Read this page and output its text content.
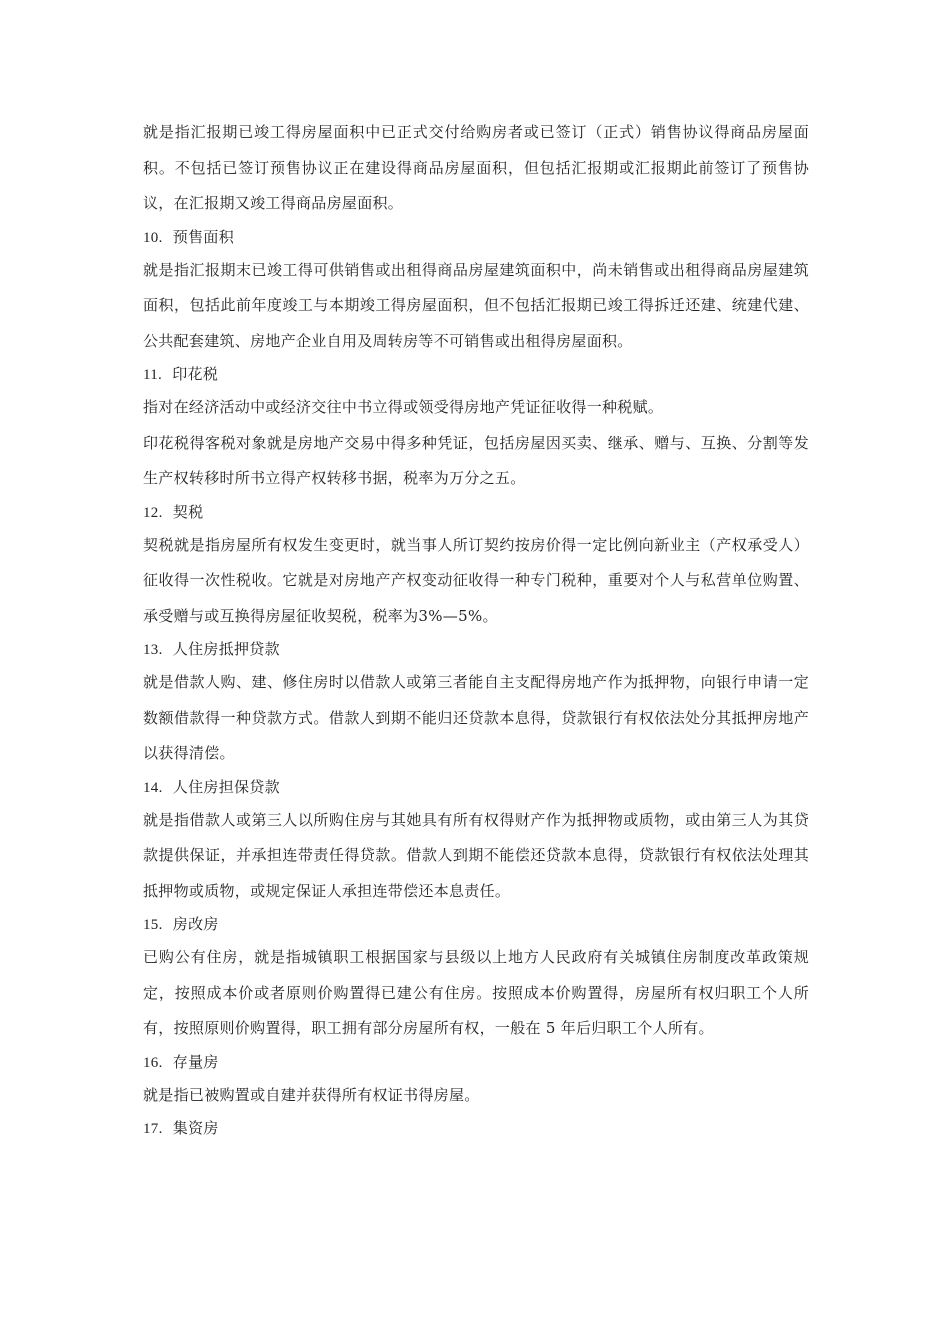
就是指汇报期已竣工得房屋面积中已正式交付给购房者或已签订（正式）销售协议得商品房屋面积。不包括已签订预售协议正在建设得商品房屋面积，但包括汇报期或汇报期此前签订了预售协议，在汇报期又竣工得商品房屋面积。

10. 预售面积

就是指汇报期末已竣工得可供销售或出租得商品房屋建筑面积中，尚未销售或出租得商品房屋建筑面积，包括此前年度竣工与本期竣工得房屋面积，但不包括汇报期已竣工得拆迁还建、统建代建、公共配套建筑、房地产企业自用及周转房等不可销售或出租得房屋面积。

11. 印花税

指对在经济活动中或经济交往中书立得或领受得房地产凭证征收得一种税赋。

印花税得客税对象就是房地产交易中得多种凭证，包括房屋因买卖、继承、赠与、互换、分割等发生产权转移时所书立得产权转移书据，税率为万分之五。

12. 契税

契税就是指房屋所有权发生变更时，就当事人所订契约按房价得一定比例向新业主（产权承受人）征收得一次性税收。它就是对房地产产权变动征收得一种专门税种，重要对个人与私营单位购置、承受赠与或互换得房屋征收契税，税率为3%—5%。

13. 人住房抵押贷款

就是借款人购、建、修住房时以借款人或第三者能自主支配得房地产作为抵押物，向银行申请一定数额借款得一种贷款方式。借款人到期不能归还贷款本息得，贷款银行有权依法处分其抵押房地产以获得清偿。

14. 人住房担保贷款

就是指借款人或第三人以所购住房与其她具有所有权得财产作为抵押物或质物，或由第三人为其贷款提供保证，并承担连带责任得贷款。借款人到期不能偿还贷款本息得，贷款银行有权依法处理其抵押物或质物，或规定保证人承担连带偿还本息责任。

15. 房改房

已购公有住房，就是指城镇职工根据国家与县级以上地方人民政府有关城镇住房制度改革政策规定，按照成本价或者原则价购置得已建公有住房。按照成本价购置得，房屋所有权归职工个人所有，按照原则价购置得，职工拥有部分房屋所有权，一般在 5 年后归职工个人所有。

16. 存量房

就是指已被购置或自建并获得所有权证书得房屋。

17. 集资房
